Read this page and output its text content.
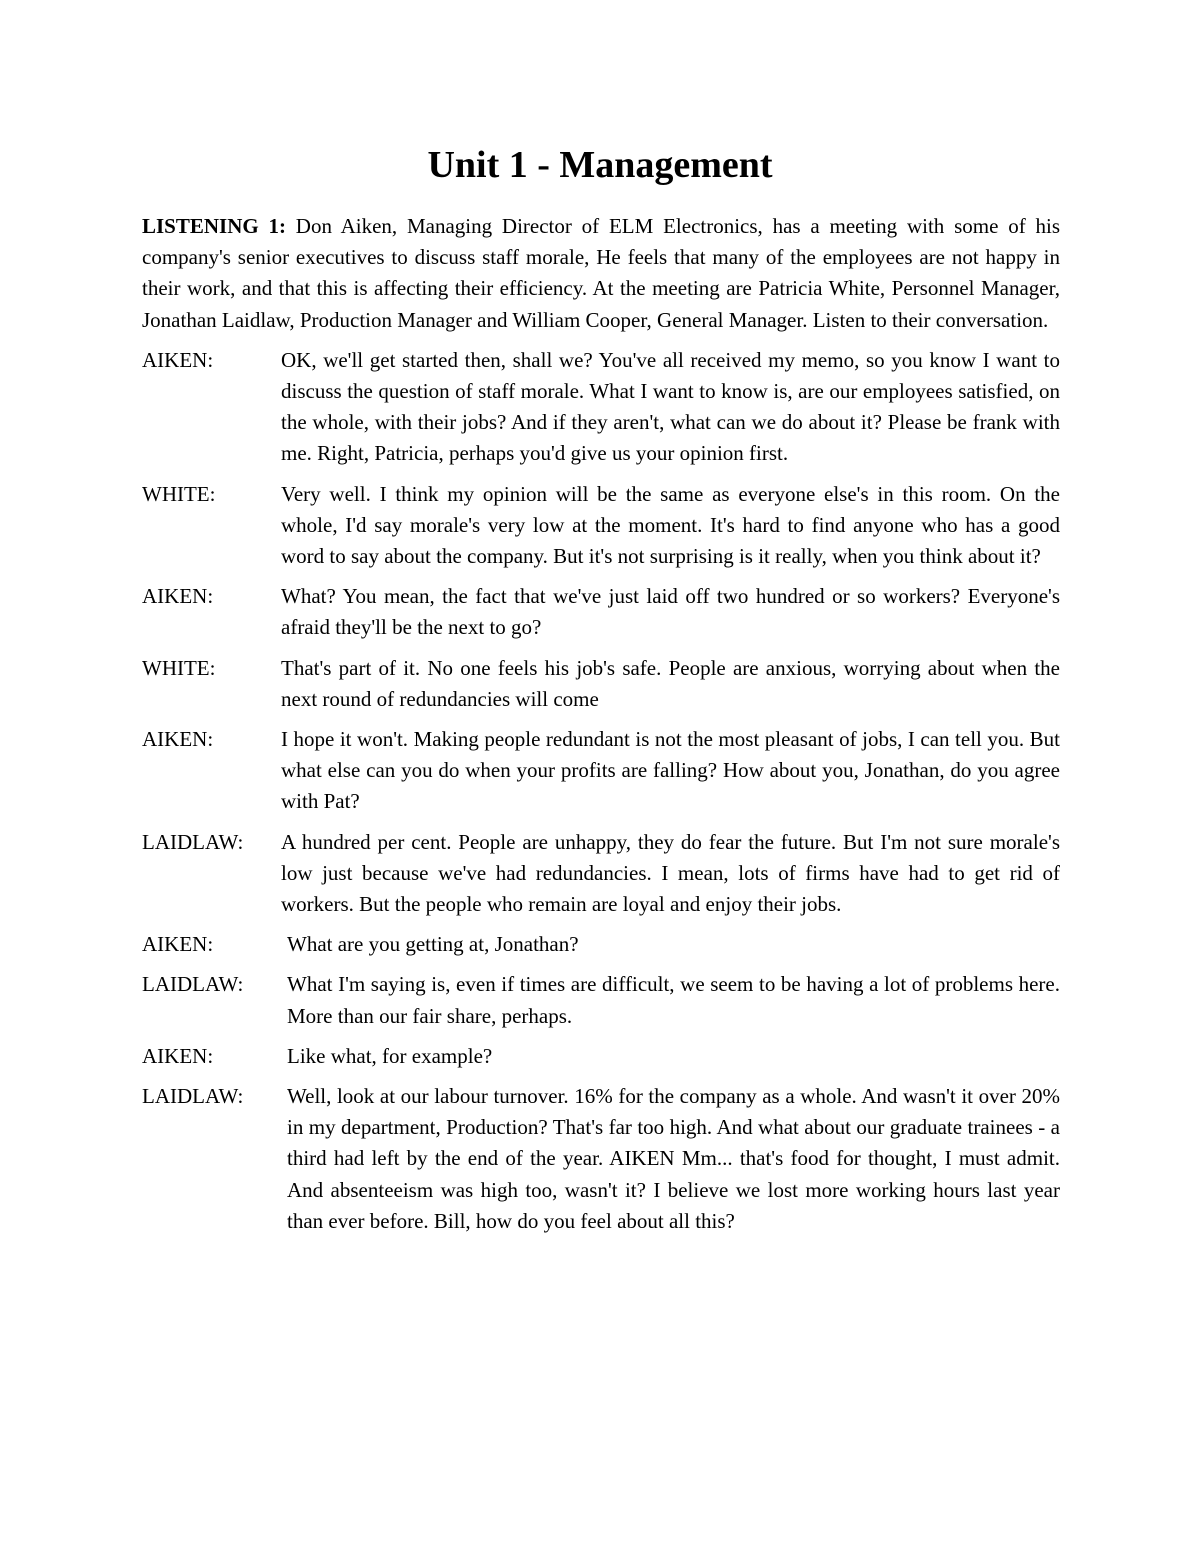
Unit 1 - Management

LISTENING 1: Don Aiken, Managing Director of ELM Electronics, has a meeting with some of his company's senior executives to discuss staff morale, He feels that many of the employees are not happy in their work, and that this is affecting their efficiency. At the meeting are Patricia White, Personnel Manager, Jonathan Laidlaw, Production Manager and William Cooper, General Manager. Listen to their conversation.

AIKEN:	OK, we'll get started then, shall we? You've all received my memo, so you know I want to discuss the question of staff morale. What I want to know is, are our employees satisfied, on the whole, with their jobs? And if they aren't, what can we do about it? Please be frank with me. Right, Patricia, perhaps you'd give us your opinion first.
WHITE:	Very well. I think my opinion will be the same as everyone else's in this room. On the whole, I'd say morale's very low at the moment. It's hard to find anyone who has a good word to say about the company. But it's not surprising is it really, when you think about it?
AIKEN:	What? You mean, the fact that we've just laid off two hundred or so workers? Everyone's afraid they'll be the next to go?
WHITE:	That's part of it. No one feels his job's safe. People are anxious, worrying about when the next round of redundancies will come
AIKEN:	I hope it won't. Making people redundant is not the most pleasant of jobs, I can tell you. But what else can you do when your profits are falling? How about you, Jonathan, do you agree with Pat?
LAIDLAW:	A hundred per cent. People are unhappy, they do fear the future. But I'm not sure morale's low just because we've had redundancies. I mean, lots of firms have had to get rid of workers. But the people who remain are loyal and enjoy their jobs.
AIKEN:	What are you getting at, Jonathan?
LAIDLAW:	What I'm saying is, even if times are difficult, we seem to be having a lot of problems here. More than our fair share, perhaps.
AIKEN:	Like what, for example?
LAIDLAW:	Well, look at our labour turnover. 16% for the company as a whole. And wasn't it over 20% in my department, Production? That's far too high. And what about our graduate trainees - a third had left by the end of the year. AIKEN Mm... that's food for thought, I must admit. And absenteeism was high too, wasn't it? I believe we lost more working hours last year than ever before. Bill, how do you feel about all this?
